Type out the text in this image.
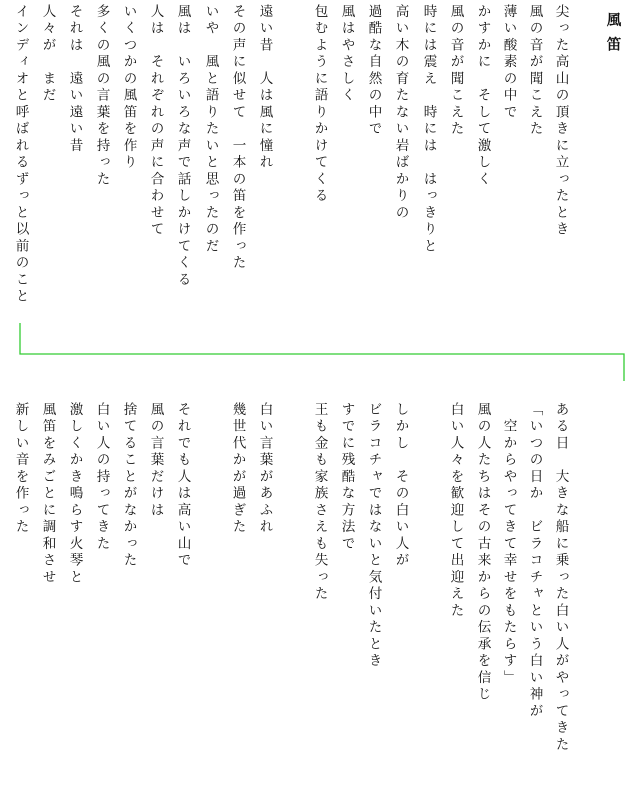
風笛

尖った高山の頂きに立ったとき

風の音が聞こえた

薄い酸素の中で

かすかに　そして激しく

風の音が聞こえた

時には震え　時には　はっきりと

高い木の育たない岩ばかりの

過酷な自然の中で

風はやさしく

包むように語りかけてくる

遠い昔　人は風に憧れ

その声に似せて　一本の笛を作った

いや　風と語りたいと思ったのだ

風は　いろいろな声で話しかけてくる

人は　それぞれの声に合わせて

いくつかの風笛を作り

多くの風の言葉を持った

それは　遠い遠い昔

人々が　まだ

インディオと呼ばれるずっと以前のこと

ある日　大きな船に乗った白い人がやってきた

「いつの日か　ビラコチャという白い神が

　空からやってきて幸せをもたらす」

風の人たちはその古来からの伝承を信じ

白い人々を歓迎して出迎えた

しかし　その白い人が

ビラコチャではないと気付いたとき

すでに残酷な方法で

王も金も家族さえも失った

白い言葉があふれ

幾世代かが過ぎた

それでも人は高い山で

風の言葉だけは

捨てることがなかった

白い人の持ってきた

激しくかき鳴らす火琴と

風笛をみごとに調和させ

新しい音を作った
